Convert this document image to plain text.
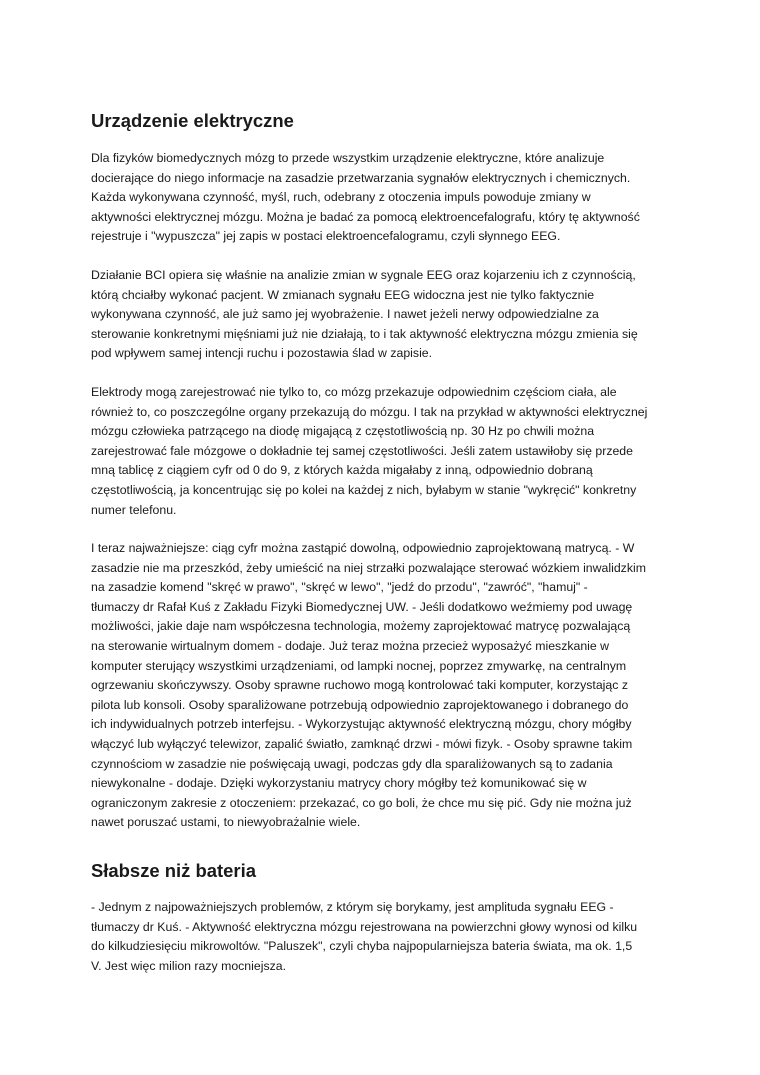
Urządzenie elektryczne
Dla fizyków biomedycznych mózg to przede wszystkim urządzenie elektryczne, które analizuje
docierające do niego informacje na zasadzie przetwarzania sygnałów elektrycznych i chemicznych.
Każda wykonywana czynność, myśl, ruch, odebrany z otoczenia impuls powoduje zmiany w
aktywności elektrycznej mózgu. Można je badać za pomocą elektroencefalografu, który tę aktywność
rejestruje i "wypuszcza" jej zapis w postaci elektroencefalogramu, czyli słynnego EEG.
Działanie BCI opiera się właśnie na analizie zmian w sygnale EEG oraz kojarzeniu ich z czynnością,
którą chciałby wykonać pacjent. W zmianach sygnału EEG widoczna jest nie tylko faktycznie
wykonywana czynność, ale już samo jej wyobrażenie. I nawet jeżeli nerwy odpowiedzialne za
sterowanie konkretnymi mięśniami już nie działają, to i tak aktywność elektryczna mózgu zmienia się
pod wpływem samej intencji ruchu i pozostawia ślad w zapisie.
Elektrody mogą zarejestrować nie tylko to, co mózg przekazuje odpowiednim częściom ciała, ale
również to, co poszczególne organy przekazują do mózgu. I tak na przykład w aktywności elektrycznej
mózgu człowieka patrzącego na diodę migającą z częstotliwością np. 30 Hz po chwili można
zarejestrować fale mózgowe o dokładnie tej samej częstotliwości. Jeśli zatem ustawiłoby się przede
mną tablicę z ciągiem cyfr od 0 do 9, z których każda migałaby z inną, odpowiednio dobraną
częstotliwością, ja koncentrując się po kolei na każdej z nich, byłabym w stanie "wykręcić" konkretny
numer telefonu.
I teraz najważniejsze: ciąg cyfr można zastąpić dowolną, odpowiednio zaprojektowaną matrycą. - W
zasadzie nie ma przeszkód, żeby umieścić na niej strzałki pozwalające sterować wózkiem inwalidzkim
na zasadzie komend "skręć w prawo", "skręć w lewo", "jedź do przodu", "zawróć", "hamuj" -
tłumaczy dr Rafał Kuś z Zakładu Fizyki Biomedycznej UW. - Jeśli dodatkowo weźmiemy pod uwagę
możliwości, jakie daje nam współczesna technologia, możemy zaprojektować matrycę pozwalającą
na sterowanie wirtualnym domem - dodaje. Już teraz można przecież wyposażyć mieszkanie w
komputer sterujący wszystkimi urządzeniami, od lampki nocnej, poprzez zmywarkę, na centralnym
ogrzewaniu skończywszy. Osoby sprawne ruchowo mogą kontrolować taki komputer, korzystając z
pilota lub konsoli. Osoby sparaliżowane potrzebują odpowiednio zaprojektowanego i dobranego do
ich indywidualnych potrzeb interfejsu. - Wykorzystując aktywność elektryczną mózgu, chory mógłby
włączyć lub wyłączyć telewizor, zapalić światło, zamknąć drzwi - mówi fizyk. - Osoby sprawne takim
czynnościom w zasadzie nie poświęcają uwagi, podczas gdy dla sparaliżowanych są to zadania
niewykonalne - dodaje. Dzięki wykorzystaniu matrycy chory mógłby też komunikować się w
ograniczonym zakresie z otoczeniem: przekazać, co go boli, że chce mu się pić. Gdy nie można już
nawet poruszać ustami, to niewyobrażalnie wiele.
Słabsze niż bateria
- Jednym z najpoważniejszych problemów, z którym się borykamy, jest amplituda sygnału EEG -
tłumaczy dr Kuś. - Aktywność elektryczna mózgu rejestrowana na powierzchni głowy wynosi od kilku
do kilkudziesięciu mikrowoltów. "Paluszek", czyli chyba najpopularniejsza bateria świata, ma ok. 1,5
V. Jest więc milion razy mocniejsza.
